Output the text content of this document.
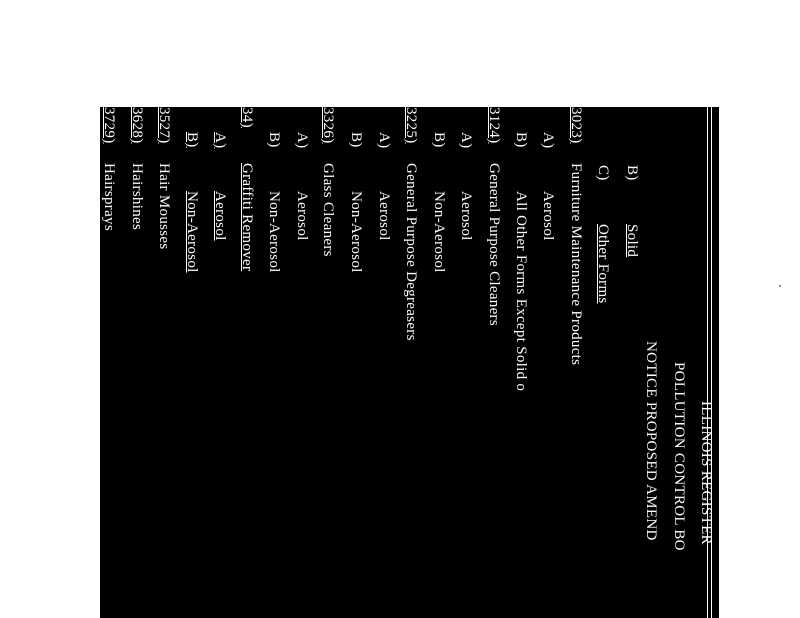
ILLINOIS REGISTER
POLLUTION CONTROL BO
NOTICE PROPOSED AMEND
B)
Solid
C)
Other Forms
3023)
Furniture Maintenance Products
A)
Aerosol
B)
All Other Forms Except Solid o
3124)
General Purpose Cleaners
A)
Aerosol
B)
Non-Aerosol
3225)
General Purpose Degreasers
A)
Aerosol
B)
Non-Aerosol
3326)
Glass Cleaners
A)
Aerosol
B)
Non-Aerosol
34)
Graffiti Remover
A)
Aerosol
B)
Non-Aerosol
3527)
Hair Mousses
3628)
Hairshines
3729)
Hairsprays
